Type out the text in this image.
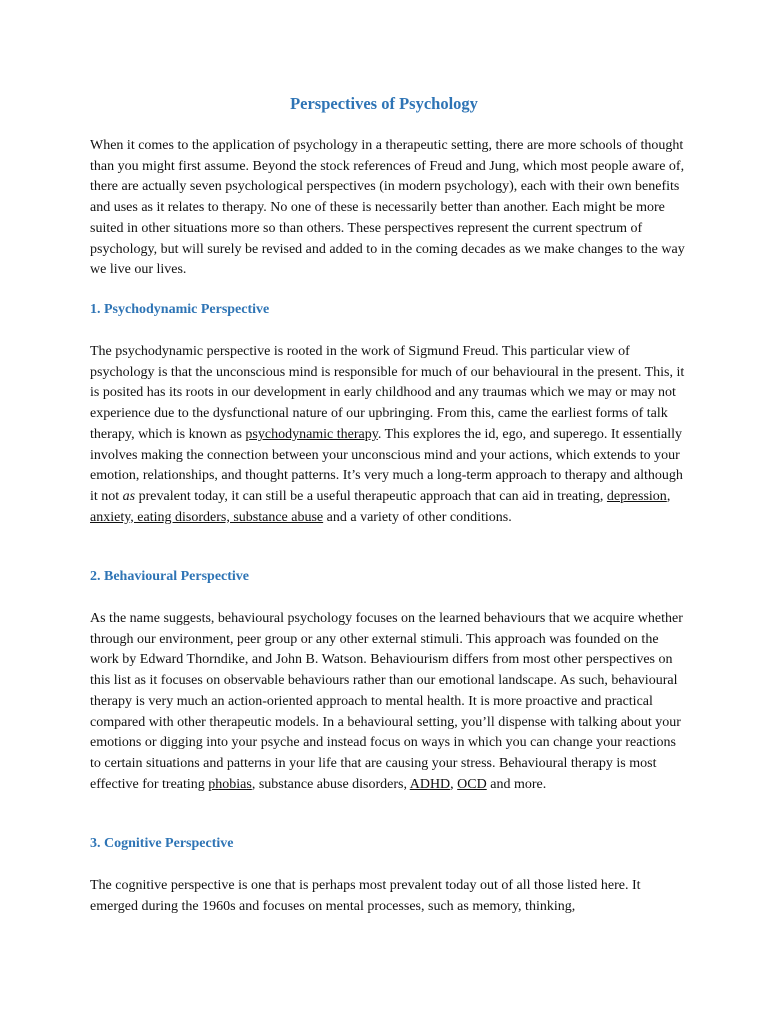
Perspectives of Psychology

When it comes to the application of psychology in a therapeutic setting, there are more schools of thought than you might first assume. Beyond the stock references of Freud and Jung, which most people aware of, there are actually seven psychological perspectives (in modern psychology), each with their own benefits and uses as it relates to therapy. No one of these is necessarily better than another. Each might be more suited in other situations more so than others. These perspectives represent the current spectrum of psychology, but will surely be revised and added to in the coming decades as we make changes to the way we live our lives.

1. Psychodynamic Perspective

The psychodynamic perspective is rooted in the work of Sigmund Freud. This particular view of psychology is that the unconscious mind is responsible for much of our behavioural in the present. This, it is posited has its roots in our development in early childhood and any traumas which we may or may not experience due to the dysfunctional nature of our upbringing. From this, came the earliest forms of talk therapy, which is known as psychodynamic therapy. This explores the id, ego, and superego. It essentially involves making the connection between your unconscious mind and your actions, which extends to your emotion, relationships, and thought patterns. It’s very much a long-term approach to therapy and although it not as prevalent today, it can still be a useful therapeutic approach that can aid in treating, depression, anxiety, eating disorders, substance abuse and a variety of other conditions.

2. Behavioural Perspective

As the name suggests, behavioural psychology focuses on the learned behaviours that we acquire whether through our environment, peer group or any other external stimuli. This approach was founded on the work by Edward Thorndike, and John B. Watson. Behaviourism differs from most other perspectives on this list as it focuses on observable behaviours rather than our emotional landscape. As such, behavioural therapy is very much an action-oriented approach to mental health. It is more proactive and practical compared with other therapeutic models. In a behavioural setting, you’ll dispense with talking about your emotions or digging into your psyche and instead focus on ways in which you can change your reactions to certain situations and patterns in your life that are causing your stress. Behavioural therapy is most effective for treating phobias, substance abuse disorders, ADHD, OCD and more.

3. Cognitive Perspective

The cognitive perspective is one that is perhaps most prevalent today out of all those listed here. It emerged during the 1960s and focuses on mental processes, such as memory, thinking,
